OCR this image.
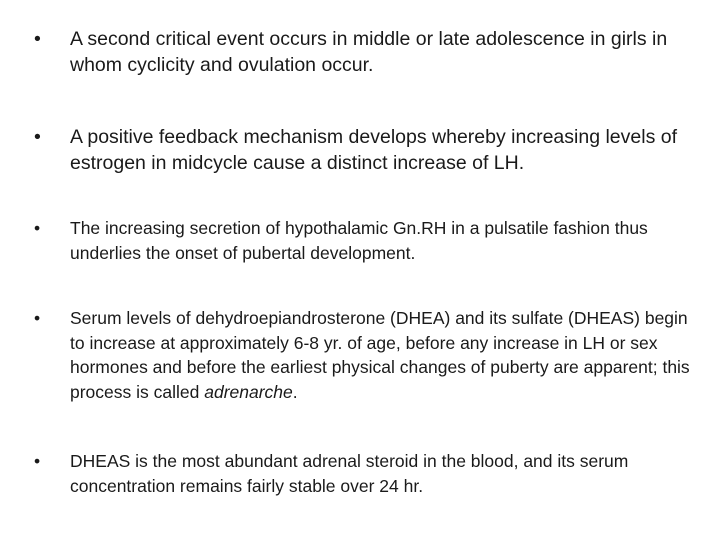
•	A second critical event occurs in middle or late adolescence in girls in whom cyclicity and ovulation occur.
•	A positive feedback mechanism develops whereby increasing levels of estrogen in midcycle cause a distinct increase of LH.
•	The increasing secretion of hypothalamic Gn.RH in a pulsatile fashion thus underlies the onset of pubertal development.
•	Serum levels of dehydroepiandrosterone (DHEA) and its sulfate (DHEAS) begin to increase at approximately 6-8 yr. of age, before any increase in LH or sex hormones and before the earliest physical changes of puberty are apparent; this process is called adrenarche.
•	DHEAS is the most abundant adrenal steroid in the blood, and its serum concentration remains fairly stable over 24 hr.
